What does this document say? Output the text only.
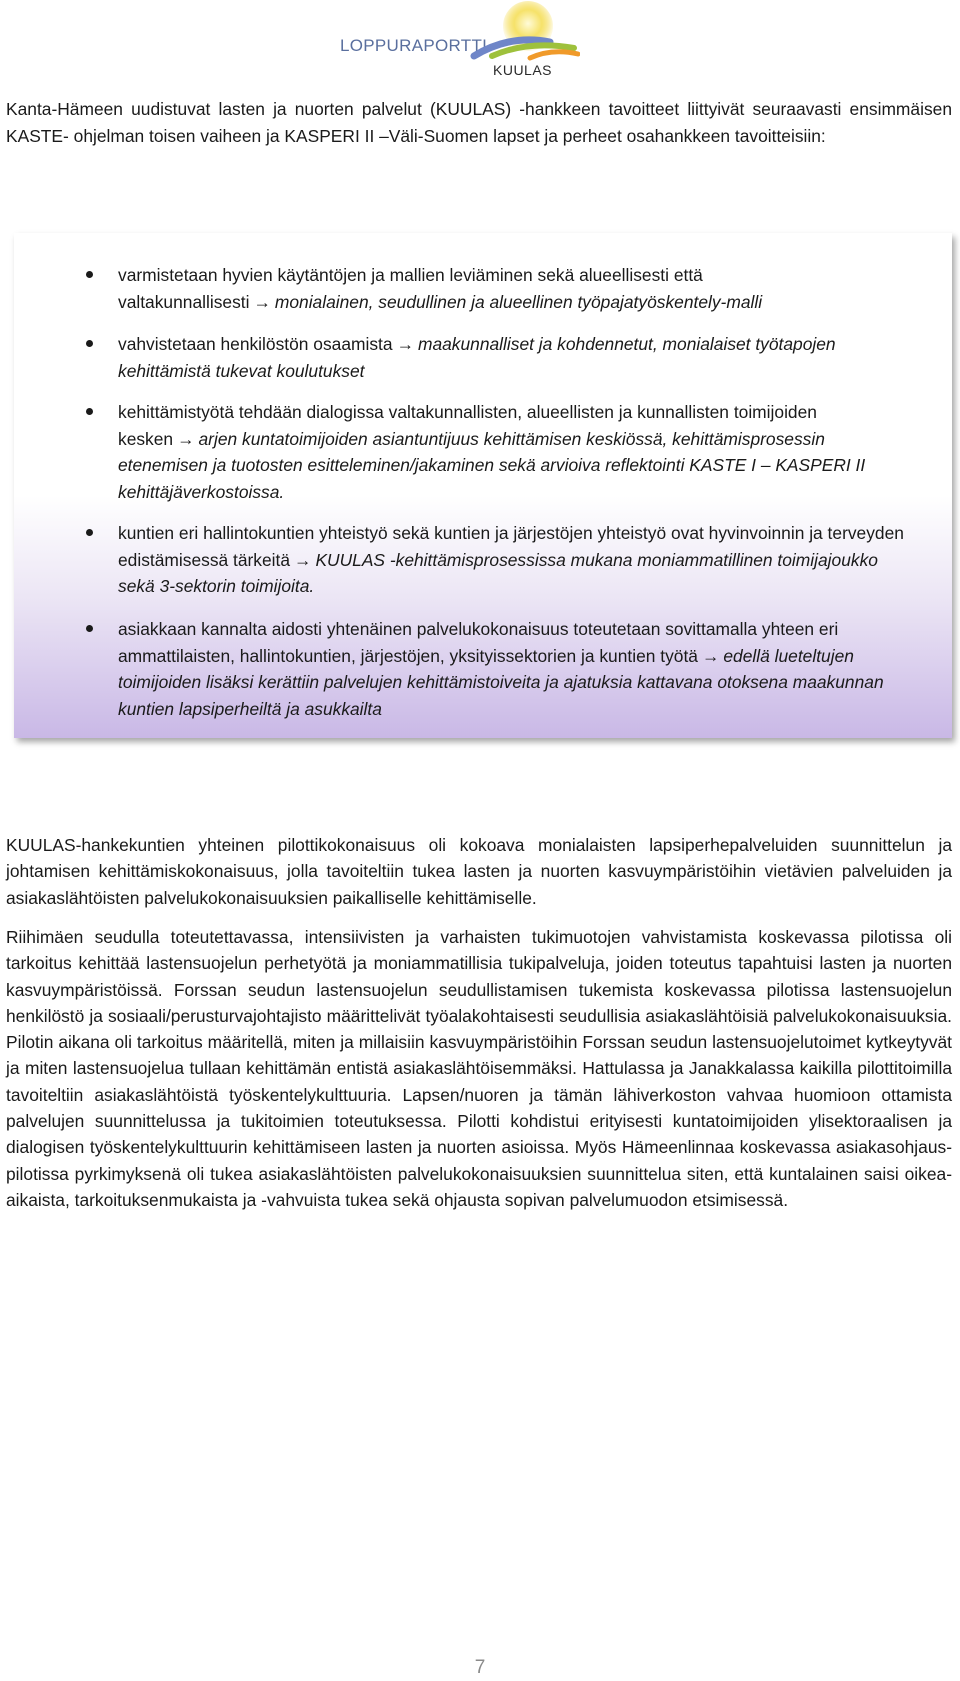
LOPPURAPORTTI
KUULAS

Kanta-Hämeen uudistuvat lasten ja nuorten palvelut (KUULAS) -hankkeen tavoitteet liittyivät seuraavasti ensimmäisen KASTE- ohjelman toisen vaiheen ja KASPERI II –Väli-Suomen lapset ja perheet osahankkeen tavoitteisiin:

varmistetaan hyvien käytäntöjen ja mallien leviäminen sekä alueellisesti että valtakunnallisesti → monialainen, seudullinen ja alueellinen työpajatyöskentely-malli
vahvistetaan henkilöstön osaamista → maakunnalliset ja kohdennetut, monialaiset työtapojen kehittämistä tukevat koulutukset
kehittämistyötä tehdään dialogissa valtakunnallisten, alueellisten ja kunnallisten toimijoiden kesken → arjen kuntatoimijoiden asiantuntijuus kehittämisen keskiössä, kehittämisprosessin etenemisen ja tuotosten esitteleminen/jakaminen sekä arvioiva reflektointi KASTE I – KASPERI II kehittäjäverkostoissa.
kuntien eri hallintokuntien yhteistyö sekä kuntien ja järjestöjen yhteistyö ovat hyvinvoinnin ja terveyden edistämisessä tärkeitä → KUULAS -kehittämisprosessissa mukana moniammatillinen toimijajoukko sekä 3-sektorin toimijoita.
asiakkaan kannalta aidosti yhtenäinen palvelukokonaisuus toteutetaan sovittamalla yhteen eri ammattilaisten, hallintokuntien, järjestöjen, yksityissektorien ja kuntien työtä → edellä lueteltujen toimijoiden lisäksi kerättiin palvelujen kehittämistoiveita ja ajatuksia kattavana otoksena maakunnan kuntien lapsiperheiltä ja asukkailta

KUULAS-hankekuntien yhteinen pilottikokonaisuus oli kokoava monialaisten lapsiperhepalveluiden suunnittelun ja johtamisen kehittämiskokonaisuus, jolla tavoiteltiin tukea lasten ja nuorten kasvuympäristöihin vietävien palveluiden ja asiakaslähtöisten palvelukokonaisuuksien paikalliselle kehittämiselle.

Riihimäen seudulla toteutettavassa, intensiivisten ja varhaisten tukimuotojen vahvistamista koskevassa pilotissa oli tarkoitus kehittää lastensuojelun perhetyötä ja moniammatillisia tukipalveluja, joiden toteutus tapahtuisi lasten ja nuorten kasvuympäristöissä. Forssan seudun lastensuojelun seudullistamisen tukemista koskevassa pilotissa lastensuojelun henkilöstö ja sosiaali/perusturvajohtajisto määrittelivät työalakohtaisesti seudullisia asiakaslähtöisiä palvelukokonaisuuksia. Pilotin aikana oli tarkoitus määritellä, miten ja millaisiin kasvuympäristöihin Forssan seudun lastensuojelutoimet kytkeytyvät ja miten lastensuojelua tullaan kehittämän entistä asiakaslähtöisemmäksi. Hattulassa ja Janakkalassa kaikilla pilottitoimilla tavoiteltiin asiakaslähtöistä työskentelykulttuuria. Lapsen/nuoren ja tämän lähiverkoston vahvaa huomioon ottamista palvelujen suunnittelussa ja tukitoimien toteutuksessa. Pilotti kohdistui erityisesti kuntatoimijoiden ylisektoraalisen ja dialogisen työskentelykulttuurin kehittämiseen lasten ja nuorten asioissa. Myös Hämeenlinnaa koskevassa asiakasohjaus-pilotissa pyrkimyksenä oli tukea asiakaslähtöisten palvelukokonaisuuksien suunnittelua siten, että kuntalainen saisi oikea-aikaista, tarkoituksenmukaista ja -vahvuista tukea sekä ohjausta sopivan palvelumuodon etsimisessä.

7
